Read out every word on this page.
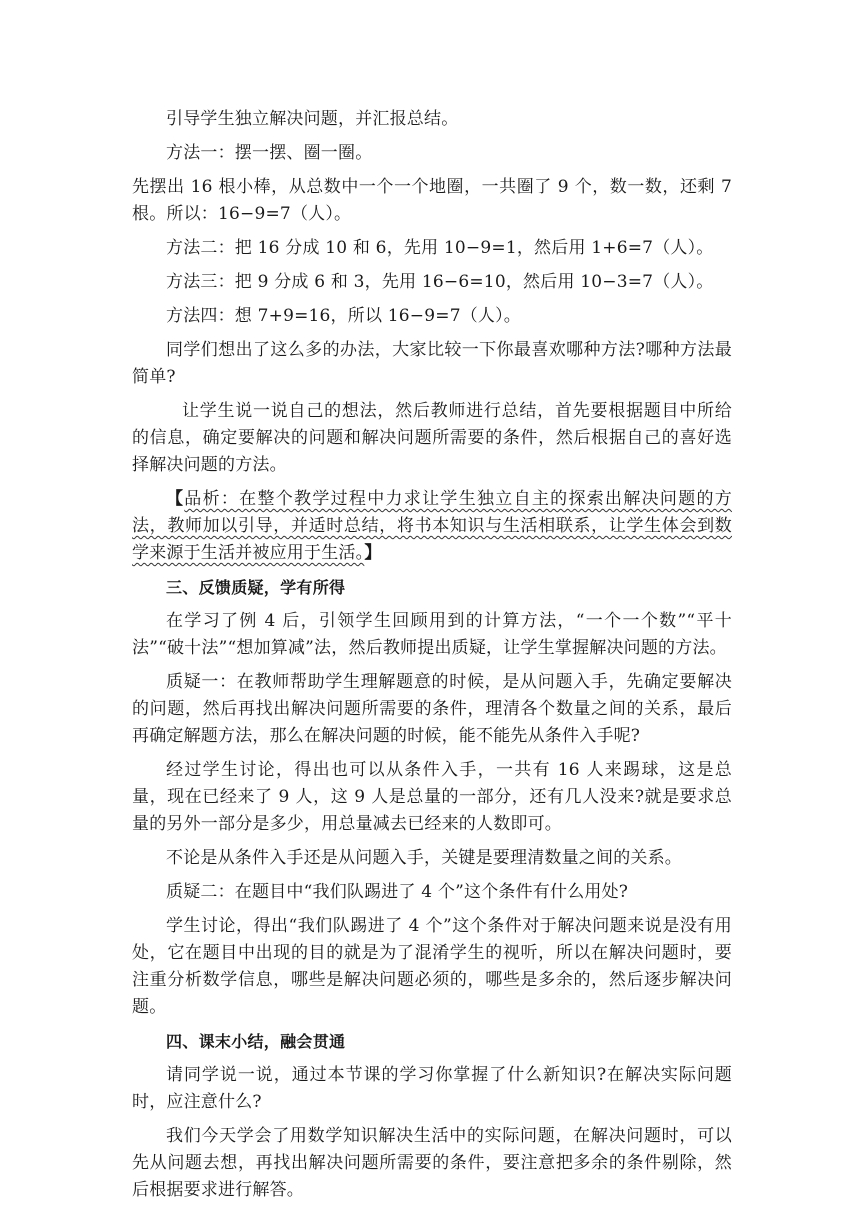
引导学生独立解决问题，并汇报总结。

方法一：摆一摆、圈一圈。

先摆出 16 根小棒，从总数中一个一个地圈，一共圈了 9 个，数一数，还剩 7 根。所以：16−9=7（人）。

方法二：把 16 分成 10 和 6，先用 10−9=1，然后用 1+6=7（人）。

方法三：把 9 分成 6 和 3，先用 16−6=10，然后用 10−3=7（人）。

方法四：想 7+9=16，所以 16−9=7（人）。

同学们想出了这么多的办法，大家比较一下你最喜欢哪种方法?哪种方法最简单?

让学生说一说自己的想法，然后教师进行总结，首先要根据题目中所给的信息，确定要解决的问题和解决问题所需要的条件，然后根据自己的喜好选择解决问题的方法。

【品析：在整个教学过程中力求让学生独立自主的探索出解决问题的方法，教师加以引导，并适时总结，将书本知识与生活相联系，让学生体会到数学来源于生活并被应用于生活。】

三、反馈质疑，学有所得

在学习了例 4 后，引领学生回顾用到的计算方法，“一个一个数”“平十法”“破十法”“想加算减”法，然后教师提出质疑，让学生掌握解决问题的方法。

质疑一：在教师帮助学生理解题意的时候，是从问题入手，先确定要解决的问题，然后再找出解决问题所需要的条件，理清各个数量之间的关系，最后再确定解题方法，那么在解决问题的时候，能不能先从条件入手呢?

经过学生讨论，得出也可以从条件入手，一共有 16 人来踢球，这是总量，现在已经来了 9 人，这 9 人是总量的一部分，还有几人没来?就是要求总量的另外一部分是多少，用总量减去已经来的人数即可。

不论是从条件入手还是从问题入手，关键是要理清数量之间的关系。

质疑二：在题目中“我们队踢进了 4 个”这个条件有什么用处?

学生讨论，得出“我们队踢进了 4 个”这个条件对于解决问题来说是没有用处，它在题目中出现的目的就是为了混淆学生的视听，所以在解决问题时，要注重分析数学信息，哪些是解决问题必须的，哪些是多余的，然后逐步解决问题。

四、课末小结，融会贯通

请同学说一说，通过本节课的学习你掌握了什么新知识?在解决实际问题时，应注意什么?

我们今天学会了用数学知识解决生活中的实际问题，在解决问题时，可以先从问题去想，再找出解决问题所需要的条件，要注意把多余的条件剔除，然后根据要求进行解答。
